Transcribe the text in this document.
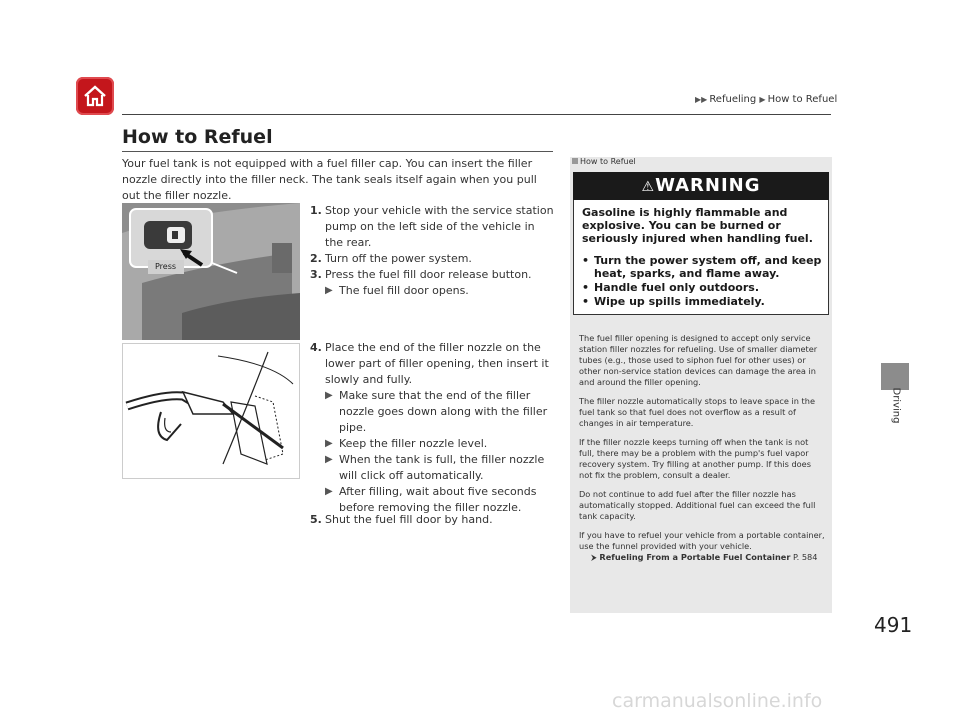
▶▶ Refueling ▶ How to Refuel
Driving
491
How to Refuel
Your fuel tank is not equipped with a fuel filler cap. You can insert the filler nozzle directly into the filler neck. The tank seals itself again when you pull out the filler nozzle.
Press
1. Stop your vehicle with the service station pump on the left side of the vehicle in the rear.
2. Turn off the power system.
3. Press the fuel fill door release button.
▶ The fuel fill door opens.
4. Place the end of the filler nozzle on the lower part of filler opening, then insert it slowly and fully.
▶ Make sure that the end of the filler nozzle goes down along with the filler pipe.
▶ Keep the filler nozzle level.
▶ When the tank is full, the filler nozzle will click off automatically.
▶ After filling, wait about five seconds before removing the filler nozzle.
5. Shut the fuel fill door by hand.
How to Refuel
⚠WARNING
Gasoline is highly flammable and explosive. You can be burned or seriously injured when handling fuel.
• Turn the power system off, and keep heat, sparks, and flame away.
• Handle fuel only outdoors.
• Wipe up spills immediately.

The fuel filler opening is designed to accept only service station filler nozzles for refueling. Use of smaller diameter tubes (e.g., those used to siphon fuel for other uses) or other non-service station devices can damage the area in and around the filler opening.

The filler nozzle automatically stops to leave space in the fuel tank so that fuel does not overflow as a result of changes in air temperature.

If the filler nozzle keeps turning off when the tank is not full, there may be a problem with the pump's fuel vapor recovery system. Try filling at another pump. If this does not fix the problem, consult a dealer.

Do not continue to add fuel after the filler nozzle has automatically stopped. Additional fuel can exceed the full tank capacity.

If you have to refuel your vehicle from a portable container, use the funnel provided with your vehicle.

⮞ Refueling From a Portable Fuel Container P. 584
carmanualsonline.info
